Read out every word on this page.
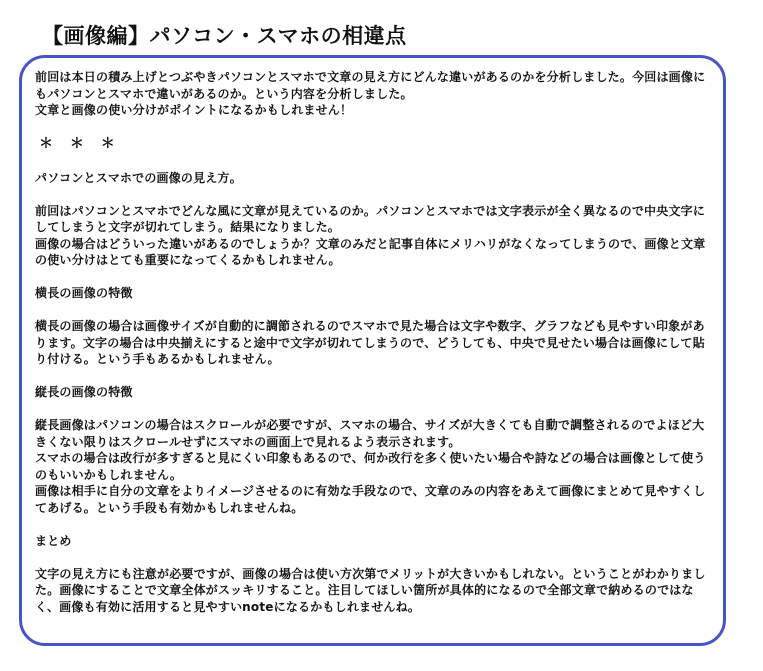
【画像編】パソコン・スマホの相違点

前回は本日の積み上げとつぶやきパソコンとスマホで文章の見え方にどんな違いがあるのかを分析しました。今回は画像にもパソコンとスマホで違いがあるのか。という内容を分析しました。
文章と画像の使い分けがポイントになるかもしれません！

＊ ＊ ＊

パソコンとスマホでの画像の見え方。

前回はパソコンとスマホでどんな風に文章が見えているのか。パソコンとスマホでは文字表示が全く異なるので中央文字にしてしまうと文字が切れてしまう。結果になりました。
画像の場合はどういった違いがあるのでしょうか？文章のみだと記事自体にメリハリがなくなってしまうので、画像と文章の使い分けはとても重要になってくるかもしれません。

横長の画像の特徴

横長の画像の場合は画像サイズが自動的に調節されるのでスマホで見た場合は文字や数字、グラフなども見やすい印象があります。文字の場合は中央揃えにすると途中で文字が切れてしまうので、どうしても、中央で見せたい場合は画像にして貼り付ける。という手もあるかもしれません。

縦長の画像の特徴

縦長画像はパソコンの場合はスクロールが必要ですが、スマホの場合、サイズが大きくても自動で調整されるのでよほど大きくない限りはスクロールせずにスマホの画面上で見れるよう表示されます。
スマホの場合は改行が多すぎると見にくい印象もあるので、何か改行を多く使いたい場合や詩などの場合は画像として使うのもいいかもしれません。
画像は相手に自分の文章をよりイメージさせるのに有効な手段なので、文章のみの内容をあえて画像にまとめて見やすくしてあげる。という手段も有効かもしれませんね。

まとめ

文字の見え方にも注意が必要ですが、画像の場合は使い方次第でメリットが大きいかもしれない。ということがわかりました。画像にすることで文章全体がスッキリすること。注目してほしい箇所が具体的になるので全部文章で納めるのではなく、画像も有効に活用すると見やすいnoteになるかもしれませんね。
